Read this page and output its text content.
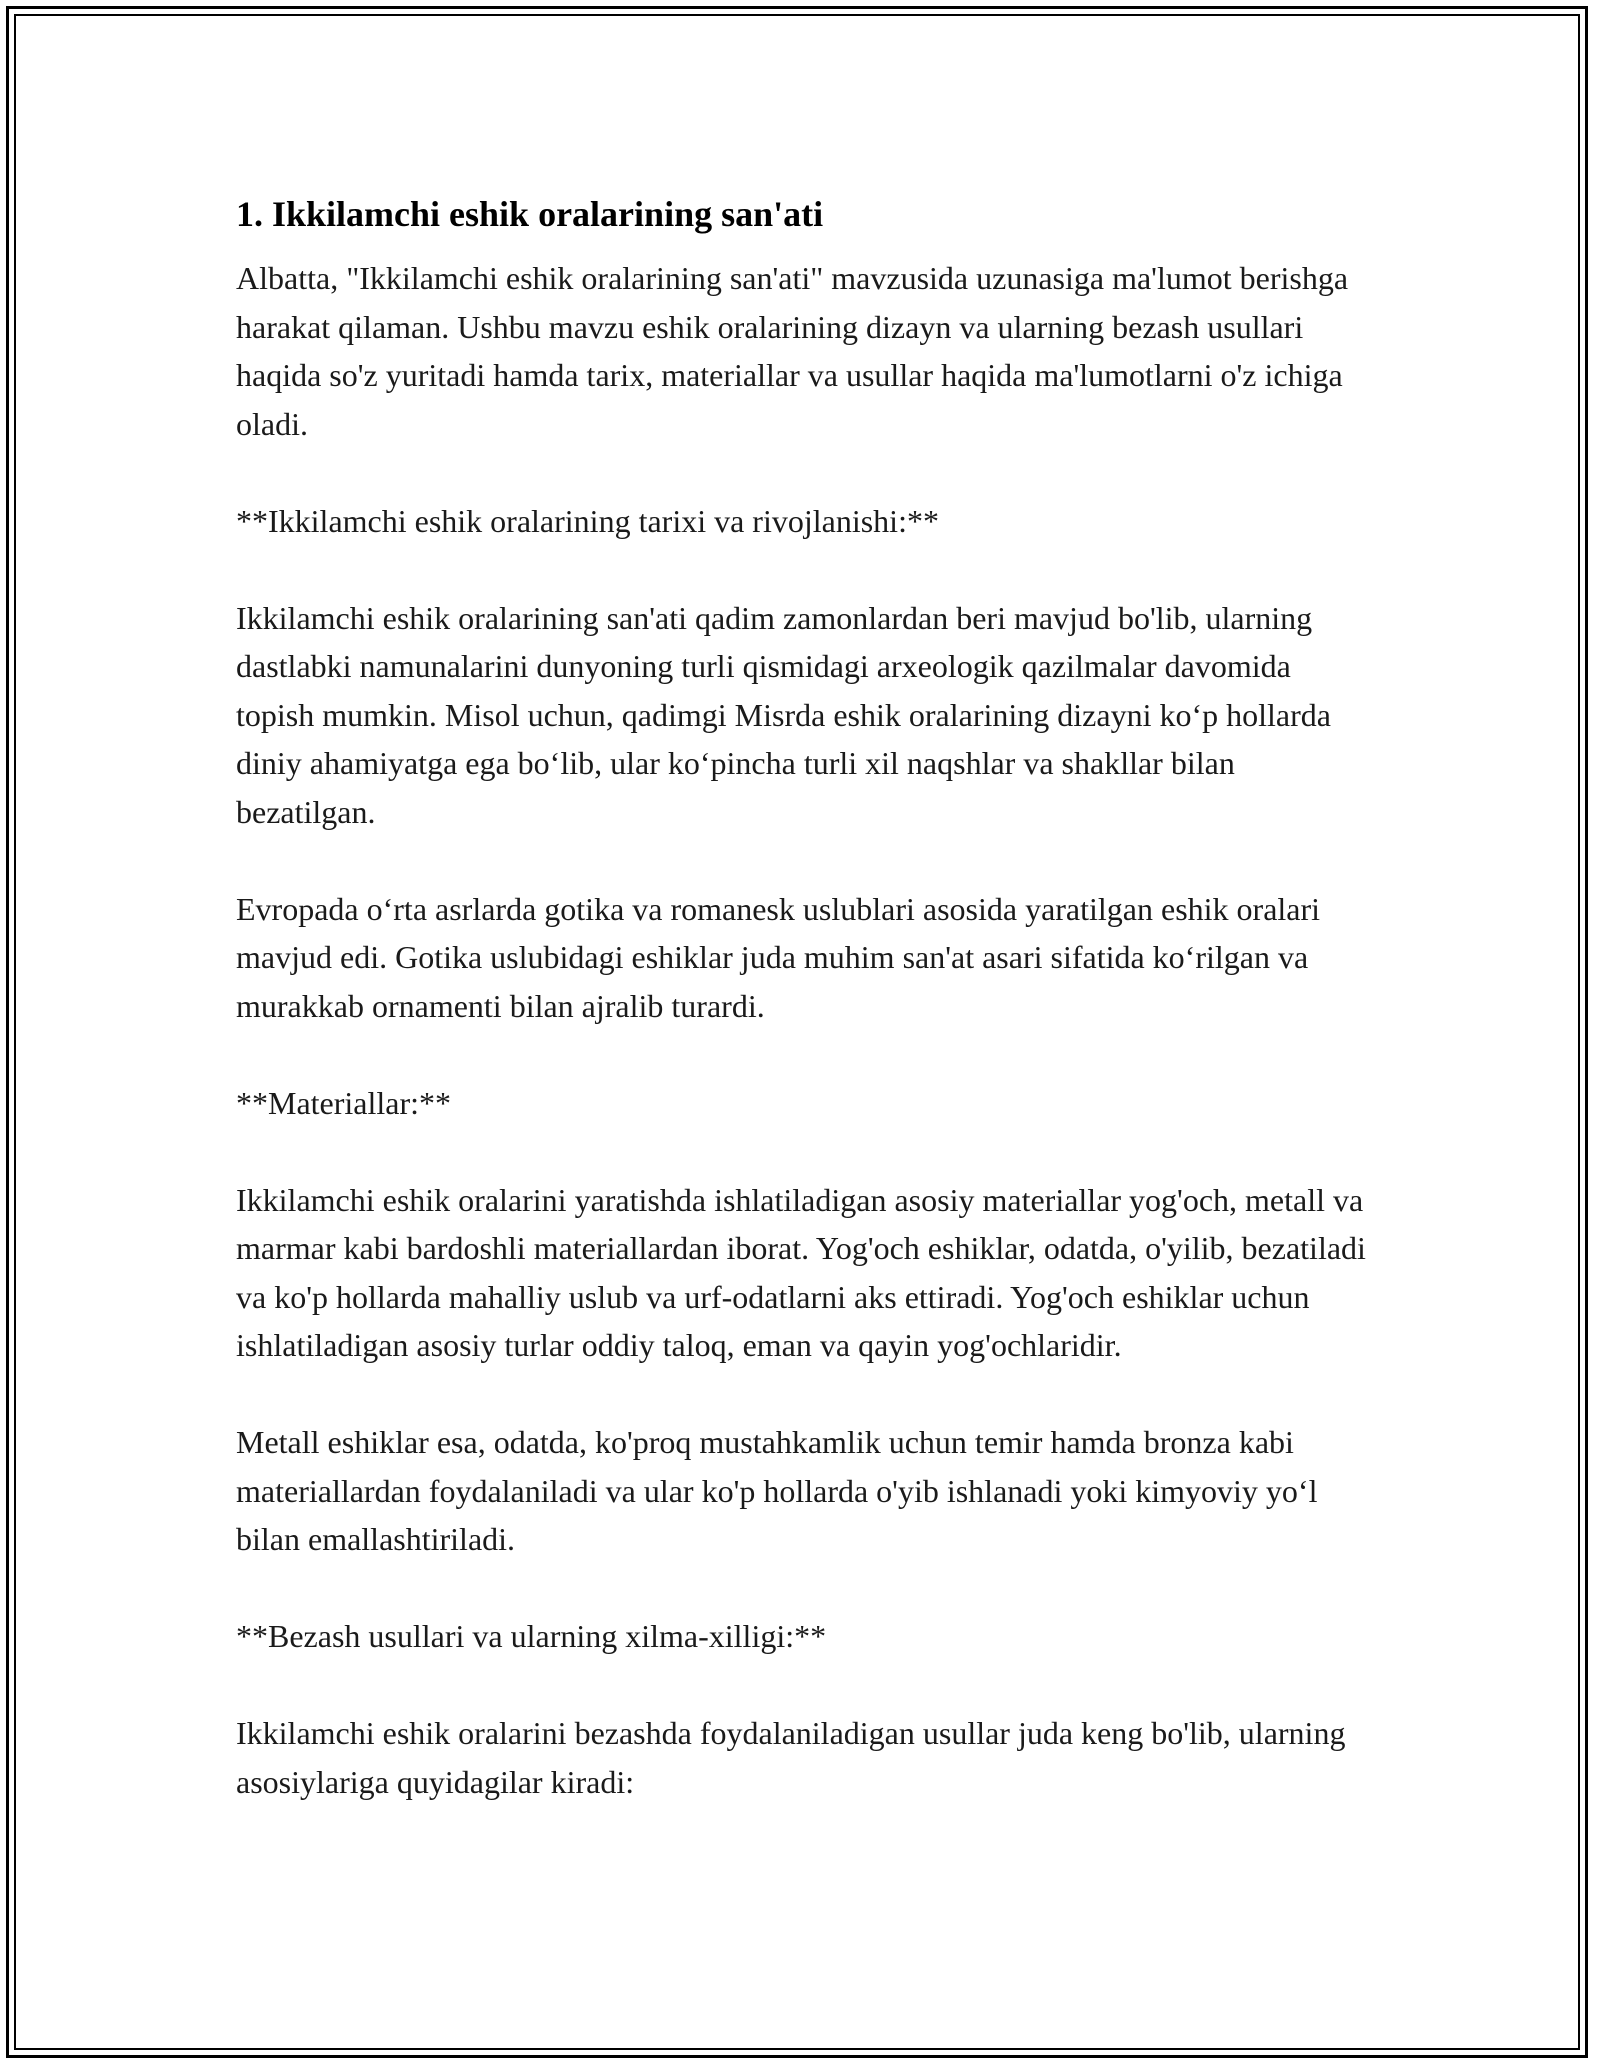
1. Ikkilamchi eshik oralarining san'ati

Albatta, "Ikkilamchi eshik oralarining san'ati" mavzusida uzunasiga ma'lumot berishga harakat qilaman. Ushbu mavzu eshik oralarining dizayn va ularning bezash usullari haqida so'z yuritadi hamda tarix, materiallar va usullar haqida ma'lumotlarni o'z ichiga oladi.

**Ikkilamchi eshik oralarining tarixi va rivojlanishi:**

Ikkilamchi eshik oralarining san'ati qadim zamonlardan beri mavjud bo'lib, ularning dastlabki namunalarini dunyoning turli qismidagi arxeologik qazilmalar davomida topish mumkin. Misol uchun, qadimgi Misrda eshik oralarining dizayni ko‘p hollarda diniy ahamiyatga ega bo‘lib, ular ko‘pincha turli xil naqshlar va shakllar bilan bezatilgan.

Evropada o‘rta asrlarda gotika va romanesk uslublari asosida yaratilgan eshik oralari mavjud edi. Gotika uslubidagi eshiklar juda muhim san'at asari sifatida ko‘rilgan va murakkab ornamenti bilan ajralib turardi.

**Materiallar:**

Ikkilamchi eshik oralarini yaratishda ishlatiladigan asosiy materiallar yog'och, metall va marmar kabi bardoshli materiallardan iborat. Yog'och eshiklar, odatda, o'yilib, bezatiladi va ko'p hollarda mahalliy uslub va urf-odatlarni aks ettiradi. Yog'och eshiklar uchun ishlatiladigan asosiy turlar oddiy taloq, eman va qayin yog'ochlaridir.

Metall eshiklar esa, odatda, ko'proq mustahkamlik uchun temir hamda bronza kabi materiallardan foydalaniladi va ular ko'p hollarda o'yib ishlanadi yoki kimyoviy yo‘l bilan emallashtiriladi.

**Bezash usullari va ularning xilma-xilligi:**

Ikkilamchi eshik oralarini bezashda foydalaniladigan usullar juda keng bo'lib, ularning asosiylariga quyidagilar kiradi:
